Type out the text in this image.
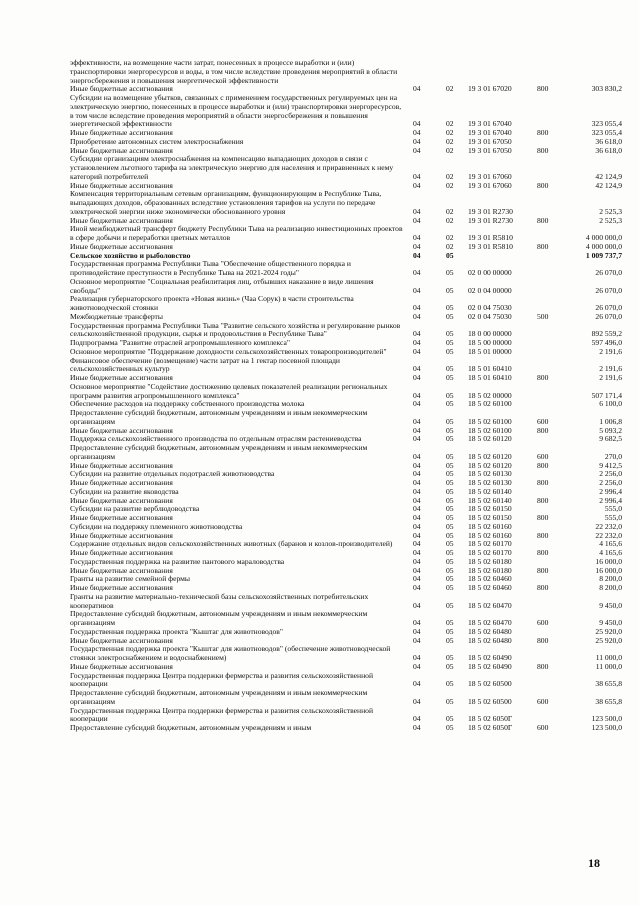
эффективности, на возмещение части затрат, понесенных в процессе выработки и (или) транспортировки энергоресурсов и воды, в том числе вследствие проведения мероприятий в области энергосбережения и повышения энергетической эффективности
Иные бюджетные ассигнования	04	02 19 3 01 67020	800	303 830,2
Субсидии на возмещение убытков, связанных с применением государственных регулируемых цен на электрическую энергию, понесенных в процессе выработки и (или) транспортировки энергоресурсов, в том числе вследствие проведения мероприятий в области энергосбережения и повышения энергетической эффективности	04	02 19 3 01 67040	323 055,4
Иные бюджетные ассигнования	04	02 19 3 01 67040	800	323 055,4
Приобретение автономных систем электроснабжения	04	02 19 3 01 67050	36 618,0
Иные бюджетные ассигнования	04	02 19 3 01 67050	800	36 618,0
Субсидии организациям электроснабжения на компенсацию выпадающих доходов в связи с установлением льготного тарифа на электрическую энергию для населения и приравненных к нему категорий потребителей	04	02 19 3 01 67060	42 124,9
Иные бюджетные ассигнования	04	02 19 3 01 67060	800	42 124,9
Компенсация территориальным сетевым организациям, функционирующим в Республике Тыва, выпадающих доходов, образованных вследствие установления тарифов на услуги по передаче электрической энергии ниже экономически обоснованного уровня	04	02 19 3 01 R2730	2 525,3
Иные бюджетные ассигнования	04	02 19 3 01 R2730	800	2 525,3
Иной межбюджетный трансферт бюджету Республики Тыва на реализацию инвестиционных проектов в сфере добычи и переработки цветных металлов	04	02 19 3 01 R5810	4 000 000,0
Иные бюджетные ассигнования	04	02 19 3 01 R5810	800	4 000 000,0
Сельское хозяйство и рыболовство	04	05	1 009 737,7
Государственная программа Республики Тыва "Обеспечение общественного порядка и противодействие преступности в Республике Тыва на 2021-2024 годы"	04	05 02 0 00 00000	26 070,0
Основное мероприятие "Социальная реабилитация лиц, отбывших наказание в виде лишения свободы"	04	05 02 0 04 00000	26 070,0
Реализация губернаторского проекта «Новая жизнь» (Чаа Сорук) в части строительства животноводческой стоянки	04	05 02 0 04 75030	26 070,0
Межбюджетные трансферты	04	05 02 0 04 75030	500	26 070,0
Государственная программа Республики Тыва "Развитие сельского хозяйства и регулирование рынков сельскохозяйственной продукции, сырья и продовольствия в Республике Тыва"	04	05 18 0 00 00000	892 559,2
Подпрограмма "Развитие отраслей агропромышленного комплекса"	04	05 18 5 00 00000	597 496,0
Основное мероприятие "Поддержание доходности сельскохозяйственных товаропроизводителей"	04	05 18 5 01 00000	2 191,6
Финансовое обеспечение (возмещение) части затрат на 1 гектар посевной площади сельскохозяйственных культур	04	05 18 5 01 60410	2 191,6
Иные бюджетные ассигнования	04	05 18 5 01 60410	800	2 191,6
Основное мероприятие "Содействие достижению целевых показателей реализации региональных программ развития агропромышленного комплекса"	04	05 18 5 02 00000	507 171,4
Обеспечение расходов на поддержку собственного производства молока	04	05 18 5 02 60100	6 100,0
Предоставление субсидий бюджетным, автономным учреждениям и иным некоммерческим организациям	04	05 18 5 02 60100	600	1 006,8
Иные бюджетные ассигнования	04	05 18 5 02 60100	800	5 093,2
Поддержка сельскохозяйственного производства по отдельным отраслям растениеводства	04	05 18 5 02 60120	9 682,5
Предоставление субсидий бюджетным, автономным учреждениям и иным некоммерческим организациям	04	05 18 5 02 60120	600	270,0
Иные бюджетные ассигнования	04	05 18 5 02 60120	800	9 412,5
Субсидии на развитие отдельных подотраслей животноводства	04	05 18 5 02 60130	2 256,0
Иные бюджетные ассигнования	04	05 18 5 02 60130	800	2 256,0
Субсидии на развитие яководства	04	05 18 5 02 60140	2 996,4
Иные бюджетные ассигнования	04	05 18 5 02 60140	800	2 996,4
Субсидии на развитие верблюдоводства	04	05 18 5 02 60150	555,0
Иные бюджетные ассигнования	04	05 18 5 02 60150	800	555,0
Субсидии на поддержку племенного животноводства	04	05 18 5 02 60160	22 232,0
Иные бюджетные ассигнования	04	05 18 5 02 60160	800	22 232,0
Содержание отдельных видов сельскохозяйственных животных (баранов и козлов-производителей)	04	05 18 5 02 60170	4 165,6
Иные бюджетные ассигнования	04	05 18 5 02 60170	800	4 165,6
Государственная поддержка на развитие пантового мараловодства	04	05 18 5 02 60180	16 000,0
Иные бюджетные ассигнования	04	05 18 5 02 60180	800	16 000,0
Гранты на развитие семейной фермы	04	05 18 5 02 60460	8 200,0
Иные бюджетные ассигнования	04	05 18 5 02 60460	800	8 200,0
Гранты на развитие материально-технической базы сельскохозяйственных потребительских кооперативов	04	05 18 5 02 60470	9 450,0
Предоставление субсидий бюджетным, автономным учреждениям и иным некоммерческим организациям	04	05 18 5 02 60470	600	9 450,0
Государственная поддержка проекта "Кыштаг для животноводов"	04	05 18 5 02 60480	25 920,0
Иные бюджетные ассигнования	04	05 18 5 02 60480	800	25 920,0
Государственная поддержка проекта "Кыштаг для животноводов" (обеспечение животноводческой стоянки электроснабжением и водоснабжением)	04	05 18 5 02 60490	11 000,0
Иные бюджетные ассигнования	04	05 18 5 02 60490	800	11 000,0
Государственная поддержка Центра поддержки фермерства и развития сельскохозяйственной кооперации	04	05 18 5 02 60500	38 655,8
Предоставление субсидий бюджетным, автономным учреждениям и иным некоммерческим организациям	04	05 18 5 02 60500	600	38 655,8
Государственная поддержка Центра поддержки фермерства и развития сельскохозяйственной кооперации	04	05 18 5 02 6050Г	123 500,0
Предоставление субсидий бюджетным, автономным учреждениям и иным	04	05 18 5 02 6050Г	600	123 500,0
18
